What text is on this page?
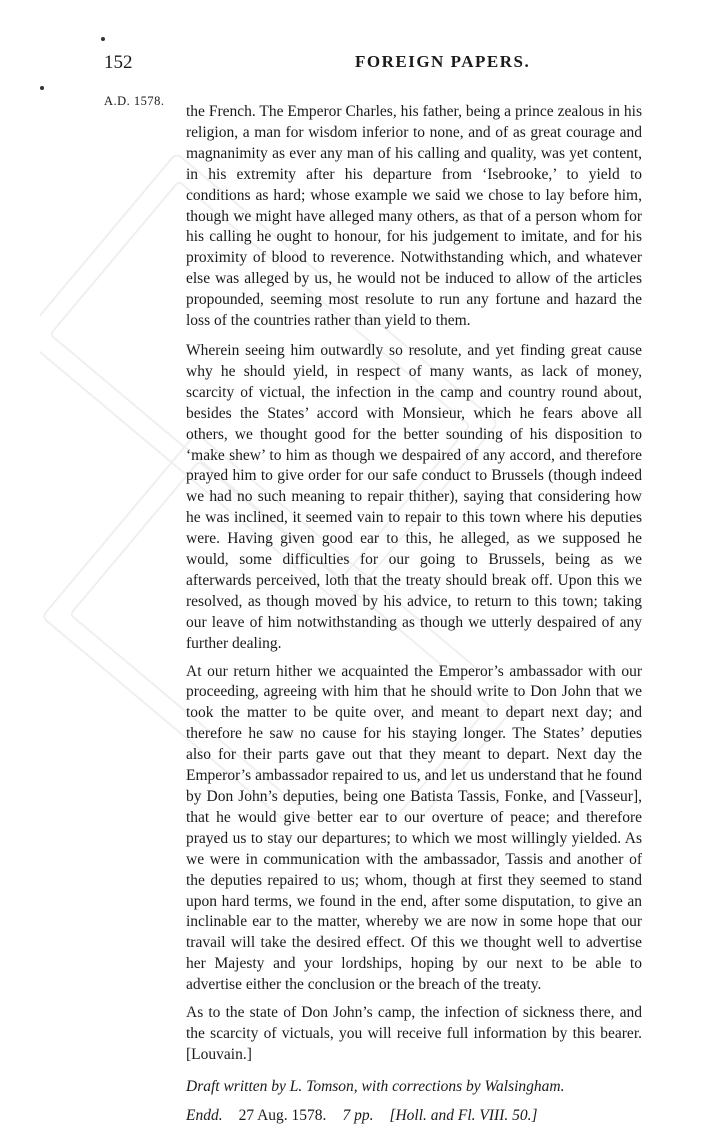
152	FOREIGN PAPERS.
A.D. 1578.

the French. The Emperor Charles, his father, being a prince zealous in his religion, a man for wisdom inferior to none, and of as great courage and magnanimity as ever any man of his calling and quality, was yet content, in his extremity after his departure from ‘Isebrooke,’ to yield to conditions as hard; whose example we said we chose to lay before him, though we might have alleged many others, as that of a person whom for his calling he ought to honour, for his judgement to imitate, and for his proximity of blood to reverence. Notwithstanding which, and whatever else was alleged by us, he would not be induced to allow of the articles propounded, seeming most resolute to run any fortune and hazard the loss of the countries rather than yield to them.

Wherein seeing him outwardly so resolute, and yet finding great cause why he should yield, in respect of many wants, as lack of money, scarcity of victual, the infection in the camp and country round about, besides the States’ accord with Monsieur, which he fears above all others, we thought good for the better sounding of his disposition to ‘make shew’ to him as though we despaired of any accord, and therefore prayed him to give order for our safe conduct to Brussels (though indeed we had no such meaning to repair thither), saying that considering how he was inclined, it seemed vain to repair to this town where his deputies were. Having given good ear to this, he alleged, as we supposed he would, some difficulties for our going to Brussels, being as we afterwards perceived, loth that the treaty should break off. Upon this we resolved, as though moved by his advice, to return to this town; taking our leave of him notwithstanding as though we utterly despaired of any further dealing.

At our return hither we acquainted the Emperor’s ambassador with our proceeding, agreeing with him that he should write to Don John that we took the matter to be quite over, and meant to depart next day; and therefore he saw no cause for his staying longer. The States’ deputies also for their parts gave out that they meant to depart. Next day the Emperor’s ambassador repaired to us, and let us understand that he found by Don John’s deputies, being one Batista Tassis, Fonke, and [Vasseur], that he would give better ear to our overture of peace; and therefore prayed us to stay our departures; to which we most willingly yielded. As we were in communication with the ambassador, Tassis and another of the deputies repaired to us; whom, though at first they seemed to stand upon hard terms, we found in the end, after some disputation, to give an inclinable ear to the matter, whereby we are now in some hope that our travail will take the desired effect. Of this we thought well to advertise her Majesty and your lordships, hoping by our next to be able to advertise either the conclusion or the breach of the treaty.

As to the state of Don John’s camp, the infection of sickness there, and the scarcity of victuals, you will receive full information by this bearer. [Louvain.]

Draft written by L. Tomson, with corrections by Walsingham.

Endd. 27 Aug. 1578. 7 pp. [Holl. and Fl. VIII. 50.]
